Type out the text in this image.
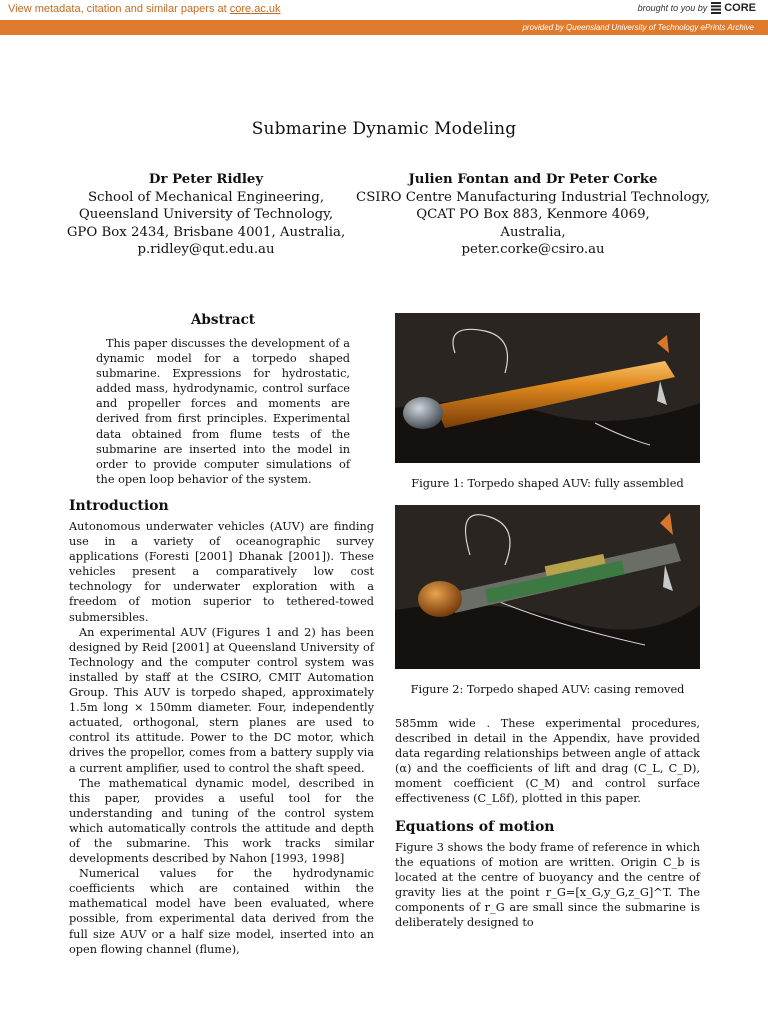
View metadata, citation and similar papers at core.ac.uk	brought to you by CORE
provided by Queensland University of Technology ePrints Archive
Submarine Dynamic Modeling
Dr Peter Ridley
School of Mechanical Engineering,
Queensland University of Technology,
GPO Box 2434, Brisbane 4001, Australia,
p.ridley@qut.edu.au
Julien Fontan and Dr Peter Corke
CSIRO Centre Manufacturing Industrial Technology,
QCAT PO Box 883, Kenmore 4069,
Australia,
peter.corke@csiro.au
Abstract

This paper discusses the development of a dynamic model for a torpedo shaped submarine. Expressions for hydrostatic, added mass, hydrodynamic, control surface and propeller forces and moments are derived from first principles. Experimental data obtained from flume tests of the submarine are inserted into the model in order to provide computer simulations of the open loop behavior of the system.

Introduction

Autonomous underwater vehicles (AUV) are finding use in a variety of oceanographic survey applications (Foresti [2001] Dhanak [2001]). These vehicles present a comparatively low cost technology for underwater exploration with a freedom of motion superior to tethered-towed submersibles.

An experimental AUV (Figures 1 and 2) has been designed by Reid [2001] at Queensland University of Technology and the computer control system was installed by staff at the CSIRO, CMIT Automation Group. This AUV is torpedo shaped, approximately 1.5m long × 150mm diameter. Four, independently actuated, orthogonal, stern planes are used to control its attitude. Power to the DC motor, which drives the propellor, comes from a battery supply via a current amplifier, used to control the shaft speed.

The mathematical dynamic model, described in this paper, provides a useful tool for the understanding and tuning of the control system which automatically controls the attitude and depth of the submarine. This work tracks similar developments described by Nahon [1993, 1998]

Numerical values for the hydrodynamic coefficients which are contained within the mathematical model have been evaluated, where possible, from experimental data derived from the full size AUV or a half size model, inserted into an open flowing channel (flume),

Figure 1: Torpedo shaped AUV: fully assembled
Figure 2: Torpedo shaped AUV: casing removed

585mm wide . These experimental procedures, described in detail in the Appendix, have provided data regarding relationships between angle of attack (α) and the coefficients of lift and drag (C_L, C_D), moment coefficient (C_M) and control surface effectiveness (C_Lδf), plotted in this paper.

Equations of motion

Figure 3 shows the body frame of reference in which the equations of motion are written. Origin C_b is located at the centre of buoyancy and the centre of gravity lies at the point r_G=[x_G,y_G,z_G]^T. The components of r_G are small since the submarine is deliberately designed to
